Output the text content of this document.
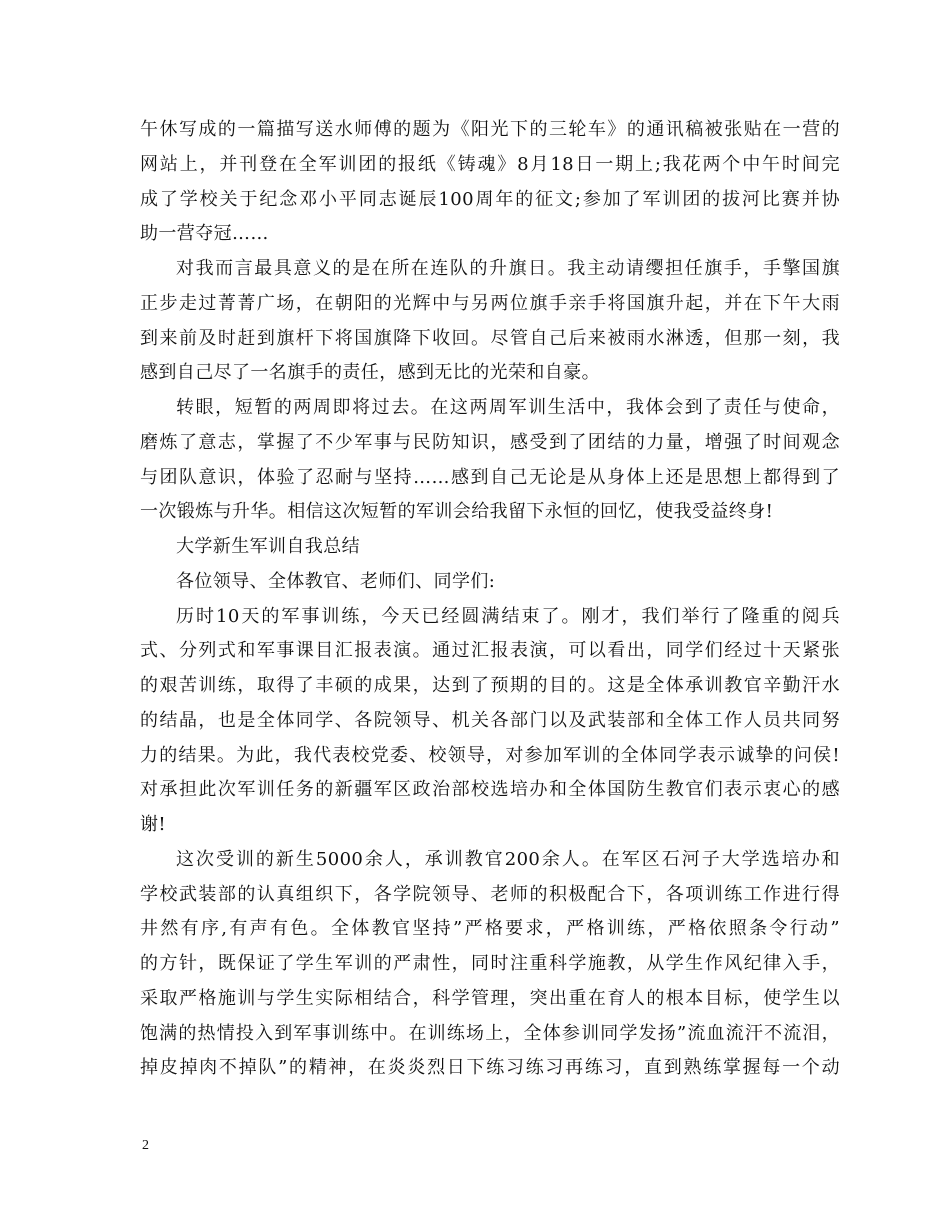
午休写成的一篇描写送水师傅的题为《阳光下的三轮车》的通讯稿被张贴在一营的
网站上，并刊登在全军训团的报纸《铸魂》8月18日一期上;我花两个中午时间完
成了学校关于纪念邓小平同志诞辰100周年的征文;参加了军训团的拔河比赛并协
助一营夺冠……
对我而言最具意义的是在所在连队的升旗日。我主动请缨担任旗手，手擎国旗
正步走过菁菁广场，在朝阳的光辉中与另两位旗手亲手将国旗升起，并在下午大雨
到来前及时赶到旗杆下将国旗降下收回。尽管自己后来被雨水淋透，但那一刻，我
感到自己尽了一名旗手的责任，感到无比的光荣和自豪。
转眼，短暂的两周即将过去。在这两周军训生活中，我体会到了责任与使命，
磨炼了意志，掌握了不少军事与民防知识，感受到了团结的力量，增强了时间观念
与团队意识，体验了忍耐与坚持……感到自己无论是从身体上还是思想上都得到了
一次锻炼与升华。相信这次短暂的军训会给我留下永恒的回忆，使我受益终身!
大学新生军训自我总结
各位领导、全体教官、老师们、同学们:
历时10天的军事训练，今天已经圆满结束了。刚才，我们举行了隆重的阅兵
式、分列式和军事课目汇报表演。通过汇报表演，可以看出，同学们经过十天紧张
的艰苦训练，取得了丰硕的成果，达到了预期的目的。这是全体承训教官辛勤汗水
的结晶，也是全体同学、各院领导、机关各部门以及武装部和全体工作人员共同努
力的结果。为此，我代表校党委、校领导，对参加军训的全体同学表示诚挚的问侯!
对承担此次军训任务的新疆军区政治部校选培办和全体国防生教官们表示衷心的感
谢!
这次受训的新生5000余人，承训教官200余人。在军区石河子大学选培办和
学校武装部的认真组织下，各学院领导、老师的积极配合下，各项训练工作进行得
井然有序,有声有色。全体教官坚持”严格要求，严格训练，严格依照条令行动”
的方针，既保证了学生军训的严肃性，同时注重科学施教，从学生作风纪律入手，
采取严格施训与学生实际相结合，科学管理，突出重在育人的根本目标，使学生以
饱满的热情投入到军事训练中。在训练场上，全体参训同学发扬”流血流汗不流泪，
掉皮掉肉不掉队”的精神，在炎炎烈日下练习练习再练习，直到熟练掌握每一个动
2
